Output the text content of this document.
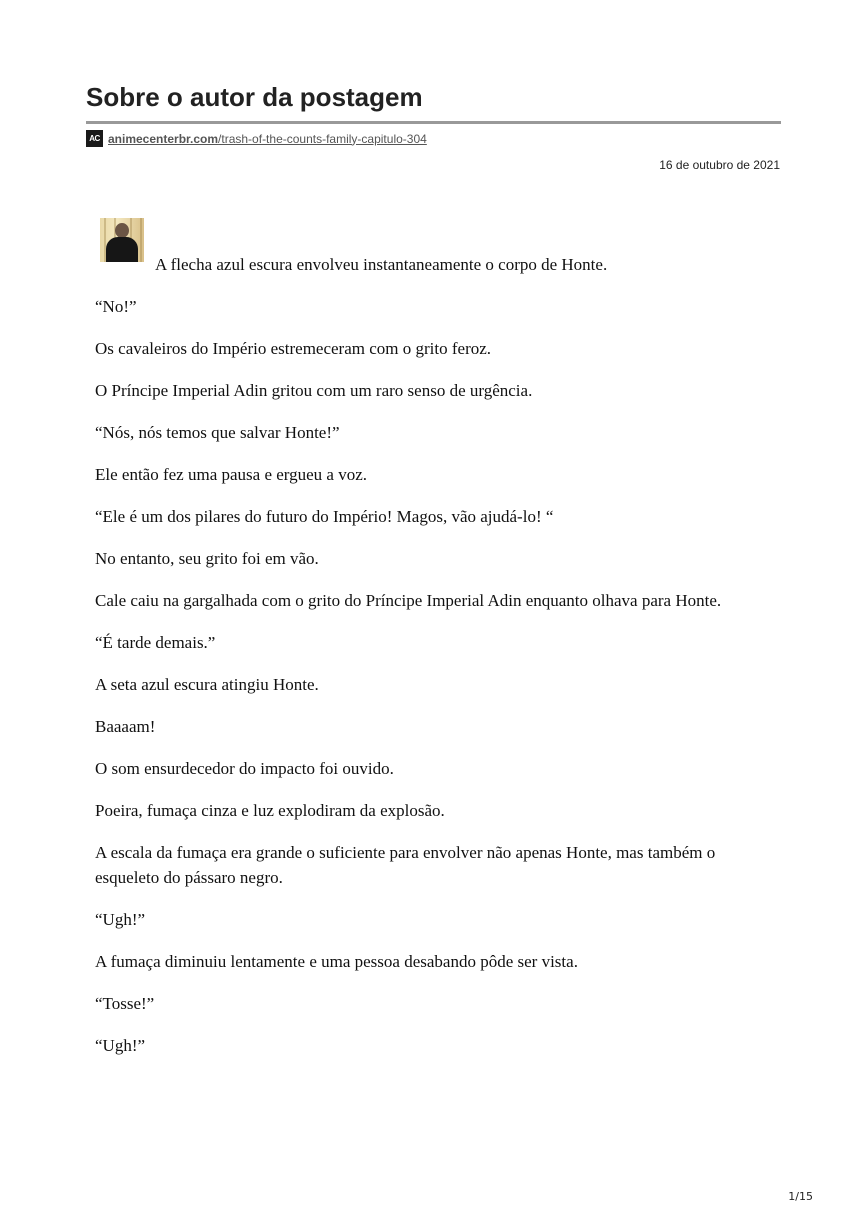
Sobre o autor da postagem
AC animecenterbr.com/trash-of-the-counts-family-capitulo-304
16 de outubro de 2021
A flecha azul escura envolveu instantaneamente o corpo de Honte.

“No!”

Os cavaleiros do Império estremeceram com o grito feroz.

O Príncipe Imperial Adin gritou com um raro senso de urgência.

“Nós, nós temos que salvar Honte!”

Ele então fez uma pausa e ergueu a voz.

“Ele é um dos pilares do futuro do Império! Magos, vão ajudá-lo! “

No entanto, seu grito foi em vão.

Cale caiu na gargalhada com o grito do Príncipe Imperial Adin enquanto olhava para Honte.

“É tarde demais.”

A seta azul escura atingiu Honte.

Baaaam!

O som ensurdecedor do impacto foi ouvido.

Poeira, fumaça cinza e luz explodiram da explosão.

A escala da fumaça era grande o suficiente para envolver não apenas Honte, mas também o esqueleto do pássaro negro.

“Ugh!”

A fumaça diminuiu lentamente e uma pessoa desabando pôde ser vista.

“Tosse!”

“Ugh!”

1/15
